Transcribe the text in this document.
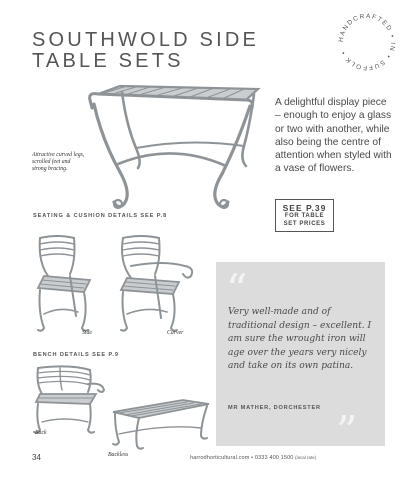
SOUTHWOLD SIDE
TABLE SETS
HANDCRAFTED • IN • SUFFOLK •
Attractive curved legs,
scrolled feet and
strong bracing.

A delightful display piece – enough to enjoy a glass or two with another, while also being the centre of attention when styled with a vase of flowers.

SEE P.39
FOR TABLE
SET PRICES
SEATING & CUSHION DETAILS SEE P.8
Side	Carver
BENCH DETAILS SEE P.9
Back
Backless
“

Very well-made and of traditional design – excellent. I am sure the wrought iron will age over the years very nicely and take on its own patina.

MR MATHER, DORCHESTER ”
34	harrodhorticultural.com • 0333 400 1500 (local rate)
